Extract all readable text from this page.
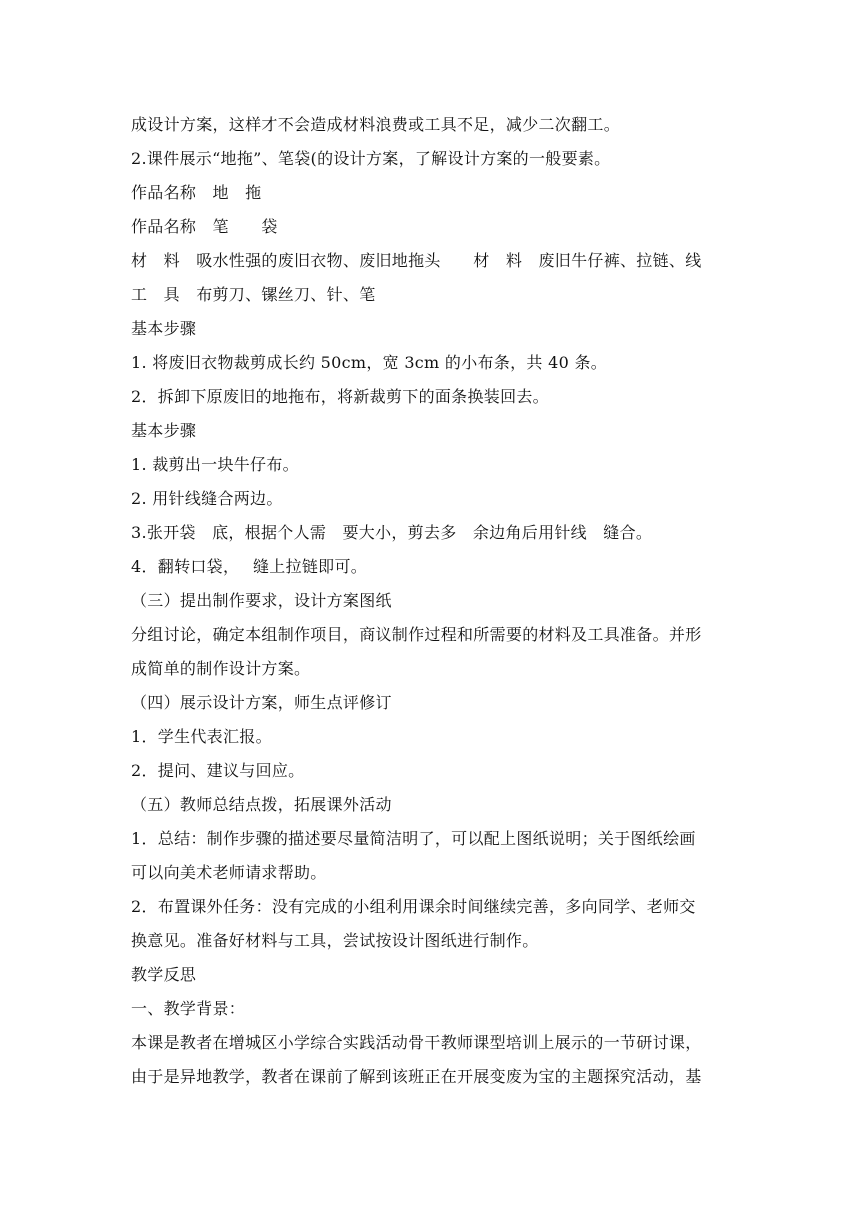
成设计方案，这样才不会造成材料浪费或工具不足，减少二次翻工。
2.课件展示“地拖”、笔袋(的设计方案，了解设计方案的一般要素。
作品名称　地　拖
作品名称　笔　　袋
材　料　吸水性强的废旧衣物、废旧地拖头　　材　料　废旧牛仔裤、拉链、线
工　具　布剪刀、镙丝刀、针、笔
基本步骤
1. 将废旧衣物裁剪成长约 50cm，宽 3cm 的小布条，共 40 条。
2．拆卸下原废旧的地拖布，将新裁剪下的面条换装回去。
基本步骤
1. 裁剪出一块牛仔布。
2. 用针线缝合两边。
3.张开袋　底，根据个人需　要大小，剪去多　余边角后用针线　缝合。
4．翻转口袋，　 缝上拉链即可。
（三）提出制作要求，设计方案图纸
分组讨论，确定本组制作项目，商议制作过程和所需要的材料及工具准备。并形
成简单的制作设计方案。
（四）展示设计方案，师生点评修订
1．学生代表汇报。
2．提问、建议与回应。
（五）教师总结点拨，拓展课外活动
1．总结：制作步骤的描述要尽量简洁明了，可以配上图纸说明；关于图纸绘画
可以向美术老师请求帮助。
2．布置课外任务：没有完成的小组利用课余时间继续完善，多向同学、老师交
换意见。准备好材料与工具，尝试按设计图纸进行制作。
教学反思
一、教学背景：
本课是教者在增城区小学综合实践活动骨干教师课型培训上展示的一节研讨课，
由于是异地教学，教者在课前了解到该班正在开展变废为宝的主题探究活动，基
